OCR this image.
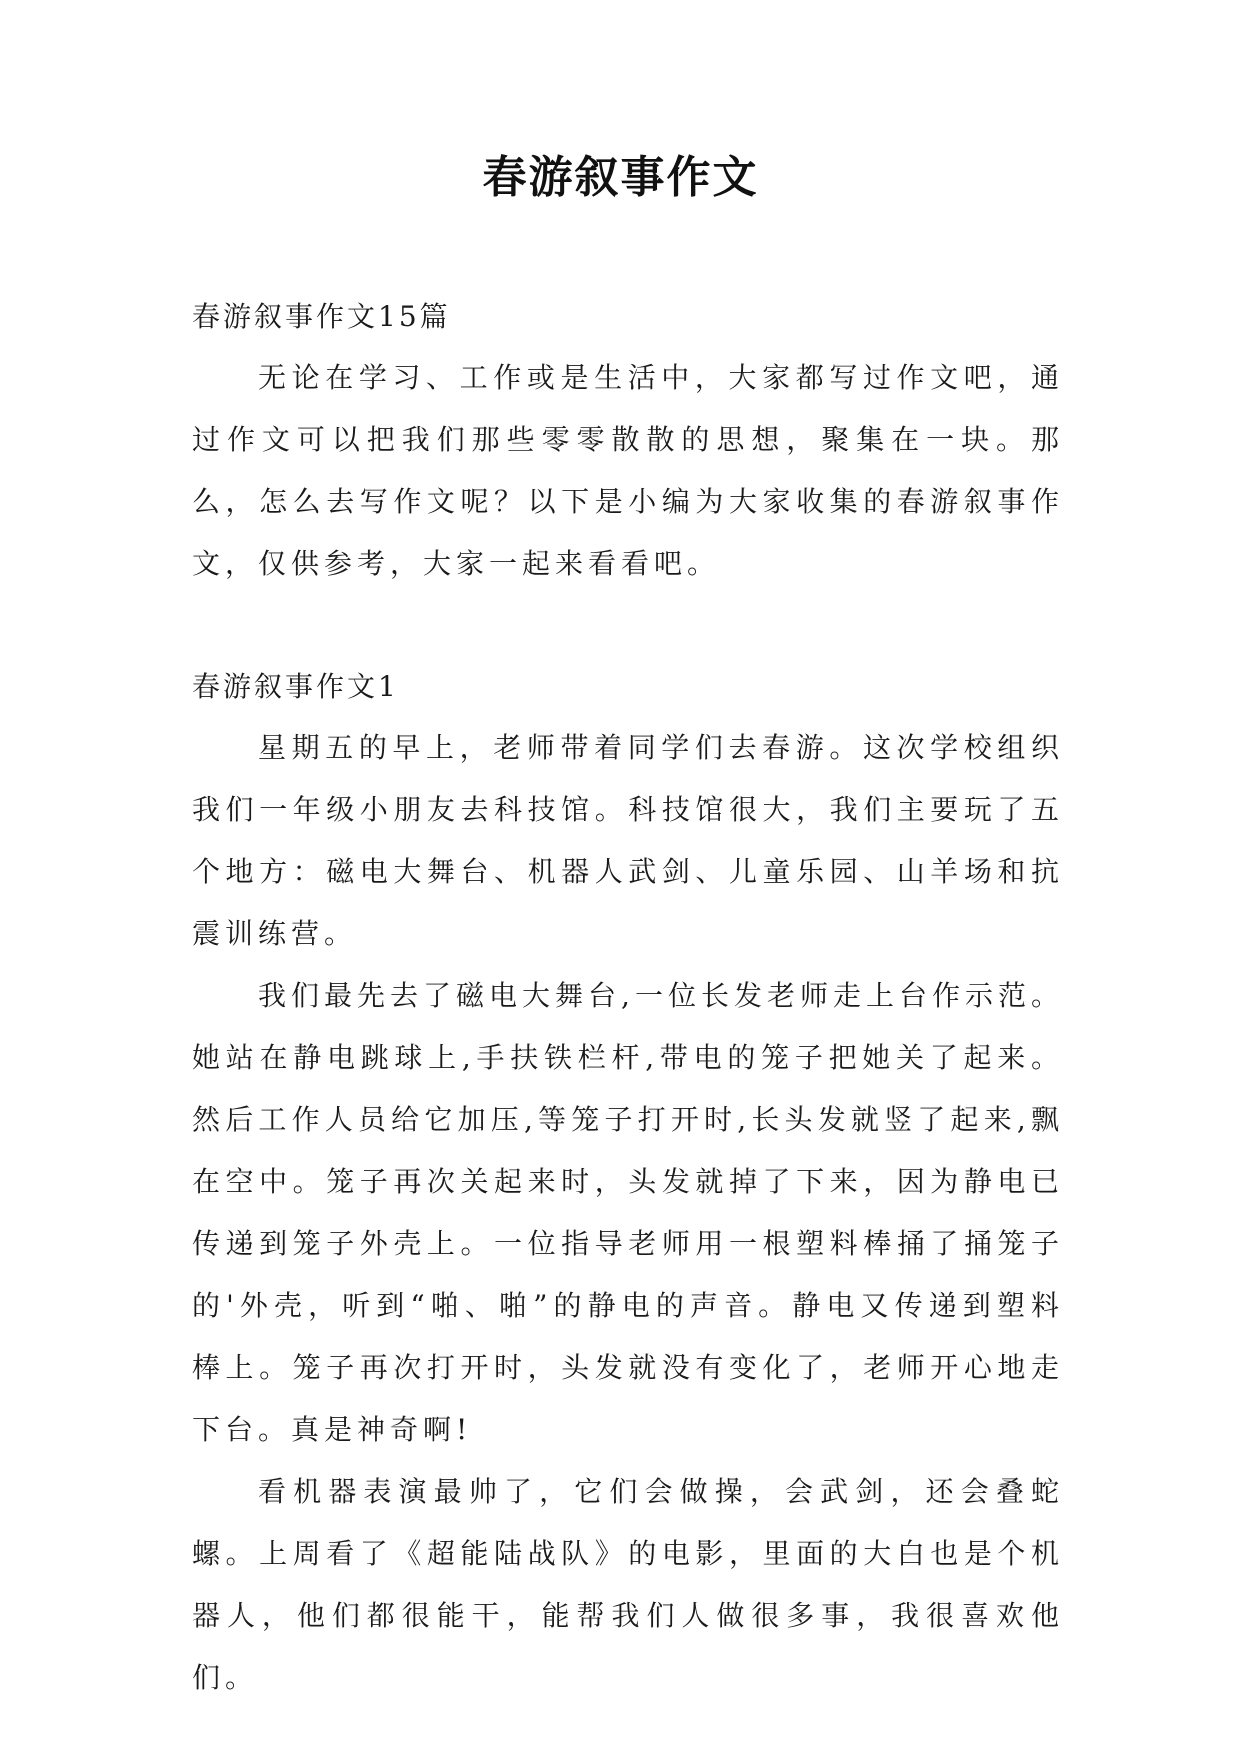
春游叙事作文

春游叙事作文15篇

无论在学习、工作或是生活中，大家都写过作文吧，通过作文可以把我们那些零零散散的思想，聚集在一块。那么，怎么去写作文呢？以下是小编为大家收集的春游叙事作文，仅供参考，大家一起来看看吧。

春游叙事作文1

星期五的早上，老师带着同学们去春游。这次学校组织我们一年级小朋友去科技馆。科技馆很大，我们主要玩了五个地方：磁电大舞台、机器人武剑、儿童乐园、山羊场和抗震训练营。

我们最先去了磁电大舞台,一位长发老师走上台作示范。她站在静电跳球上,手扶铁栏杆,带电的笼子把她关了起来。然后工作人员给它加压,等笼子打开时,长头发就竖了起来,飘在空中。笼子再次关起来时，头发就掉了下来，因为静电已传递到笼子外壳上。一位指导老师用一根塑料棒捅了捅笼子的'外壳，听到“啪、啪”的静电的声音。静电又传递到塑料棒上。笼子再次打开时，头发就没有变化了，老师开心地走下台。真是神奇啊!

看机器表演最帅了，它们会做操，会武剑，还会叠蛇螺。上周看了《超能陆战队》的电影，里面的大白也是个机器人，他们都很能干，能帮我们人做很多事，我很喜欢他们。
